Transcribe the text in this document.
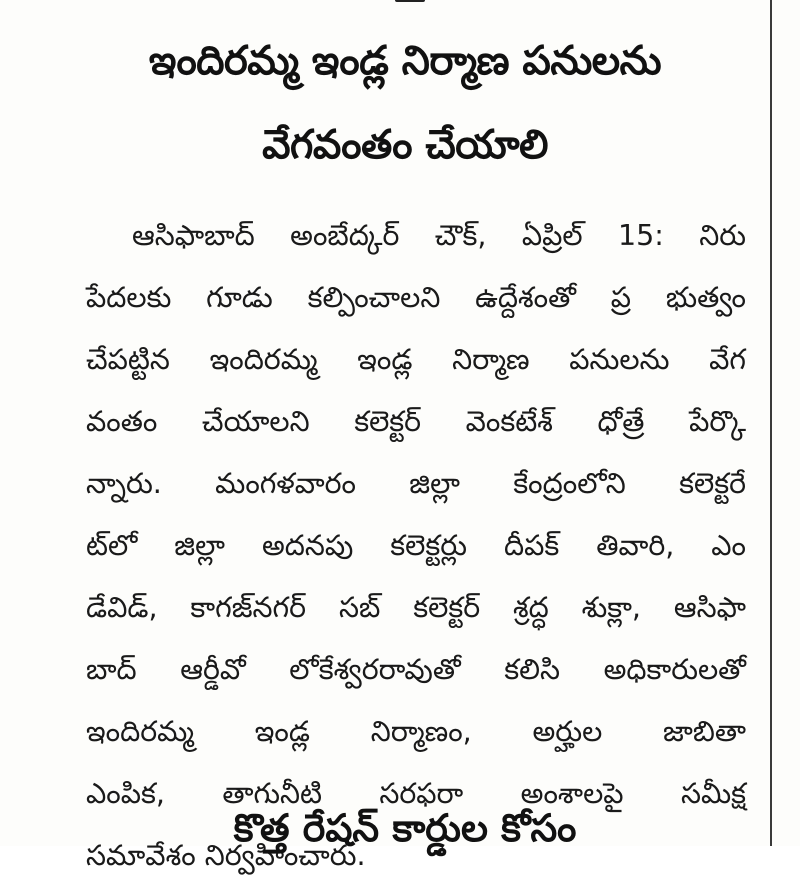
ఇందిరమ్మ ఇండ్ల నిర్మాణ పనులను
వేగవంతం చేయాలి
ఆసిఫాబాద్ అంబేద్కర్ చౌక్, ఏప్రిల్ 15: నిరు
పేదలకు గూడు కల్పించాలని ఉద్దేశంతో ప్ర భుత్వం
చేపట్టిన ఇందిరమ్మ ఇండ్ల నిర్మాణ పనులను వేగ
వంతం చేయాలని కలెక్టర్ వెంకటేశ్ ధోత్రే పేర్కొ
న్నారు. మంగళవారం జిల్లా కేంద్రంలోని కలెక్టరే
ట్‌లో జిల్లా అదనపు కలెక్టర్లు దీపక్ తివారి, ఎం
డేవిడ్, కాగజ్‌నగర్ సబ్ కలెక్టర్ శ్రద్ధ శుక్లా, ఆసిఫా
బాద్ ఆర్డీవో లోకేశ్వరరావుతో కలిసి అధికారులతో
ఇందిరమ్మ ఇండ్ల నిర్మాణం, అర్హుల జాబితా
ఎంపిక, తాగునీటి సరఫరా అంశాలపై సమీక్ష
సమావేశం నిర్వహించారు.
కొత్త రేషన్ కార్డుల కోసం
